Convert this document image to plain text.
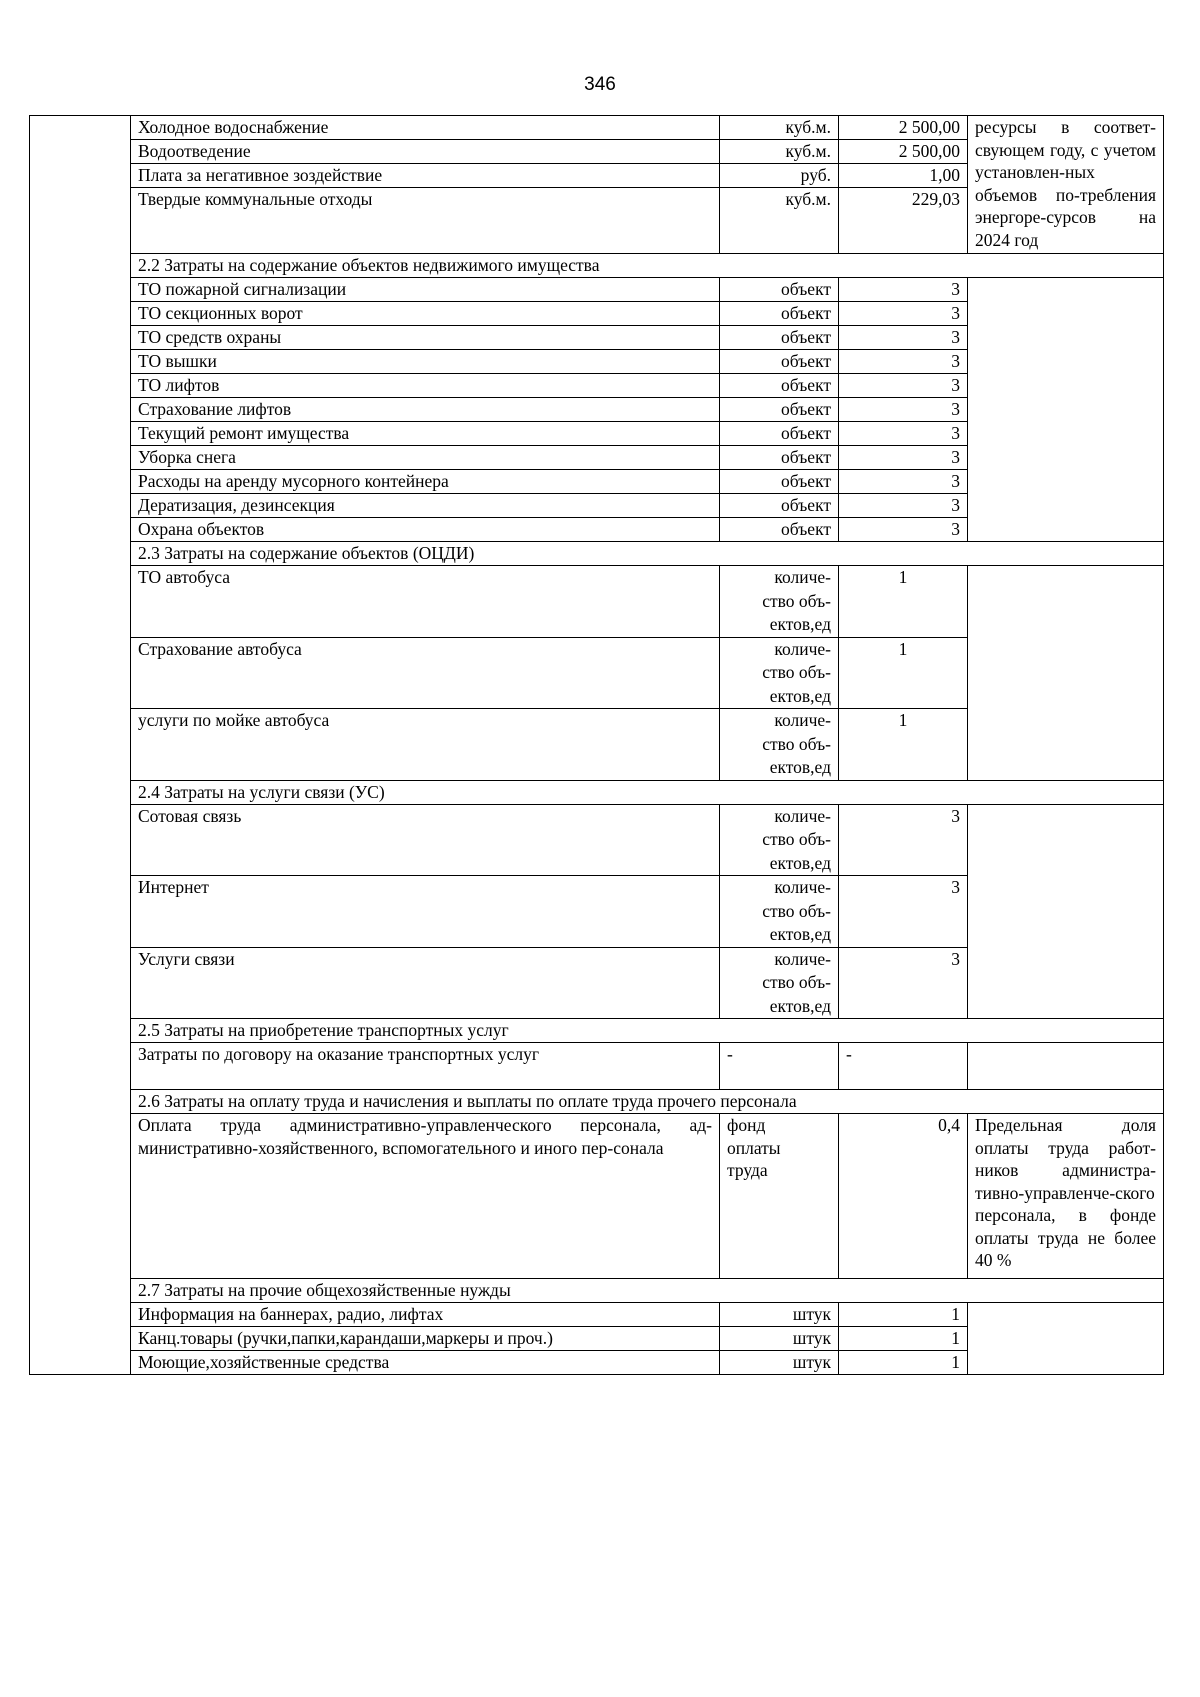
346
	Холодное водоснабжение	куб.м.	2 500,00	ресурсы в соответ-свующем году, с учетом установлен-ных объемов по-требления энергоре-сурсов на 2024 год
	Водоотведение	куб.м.	2 500,00	
	Плата за негативное зоздействие	руб.	1,00	
	Твердые коммунальные отходы	куб.м.	229,03	
	2.2 Затраты на содержание объектов недвижимого имущества			
	ТО пожарной сигнализации	объект	3	
	ТО секционных ворот	объект	3	
	ТО средств охраны	объект	3	
	ТО вышки	объект	3	
	ТО лифтов	объект	3	
	Страхование лифтов	объект	3	
	Текущий ремонт имущества	объект	3	
	Уборка снега	объект	3	
	Расходы на аренду мусорного контейнера	объект	3	
	Дератизация, дезинсекция	объект	3	
	Охрана объектов	объект	3	
	2.3 Затраты на содержание объектов (ОЦДИ)			
	ТО автобуса	количе-
ство объ-
ектов,ед	1	
	Страхование автобуса	количе-
ство объ-
ектов,ед	1	
	услуги по мойке автобуса	количе-
ство объ-
ектов,ед	1	
	2.4 Затраты на услуги связи (УС)			
	Сотовая связь	количе-
ство объ-
ектов,ед	3	
	Интернет	количе-
ство объ-
ектов,ед	3	
	Услуги связи	количе-
ство объ-
ектов,ед	3	
	2.5 Затраты на приобретение транспортных услуг			
	Затраты по договору на оказание транспортных услуг	-	-	
	2.6 Затраты на оплату труда и начисления и выплаты по оплате труда прочего персонала			
	Оплата труда административно-управленческого персонала, ад-министративно-хозяйственного, вспомогательного и иного пер-сонала	фонд
оплаты
труда	0,4	Предельная доля оплаты труда работ-ников администра-тивно-управленче-ского персонала, в фонде оплаты труда не более 40 %
	2.7 Затраты на прочие общехозяйственные нужды			
	Информация на баннерах, радио, лифтах	штук	1	
	Канц.товары (ручки,папки,карандаши,маркеры и проч.)	штук	1	
	Моющие,хозяйственные средства	штук	1	
